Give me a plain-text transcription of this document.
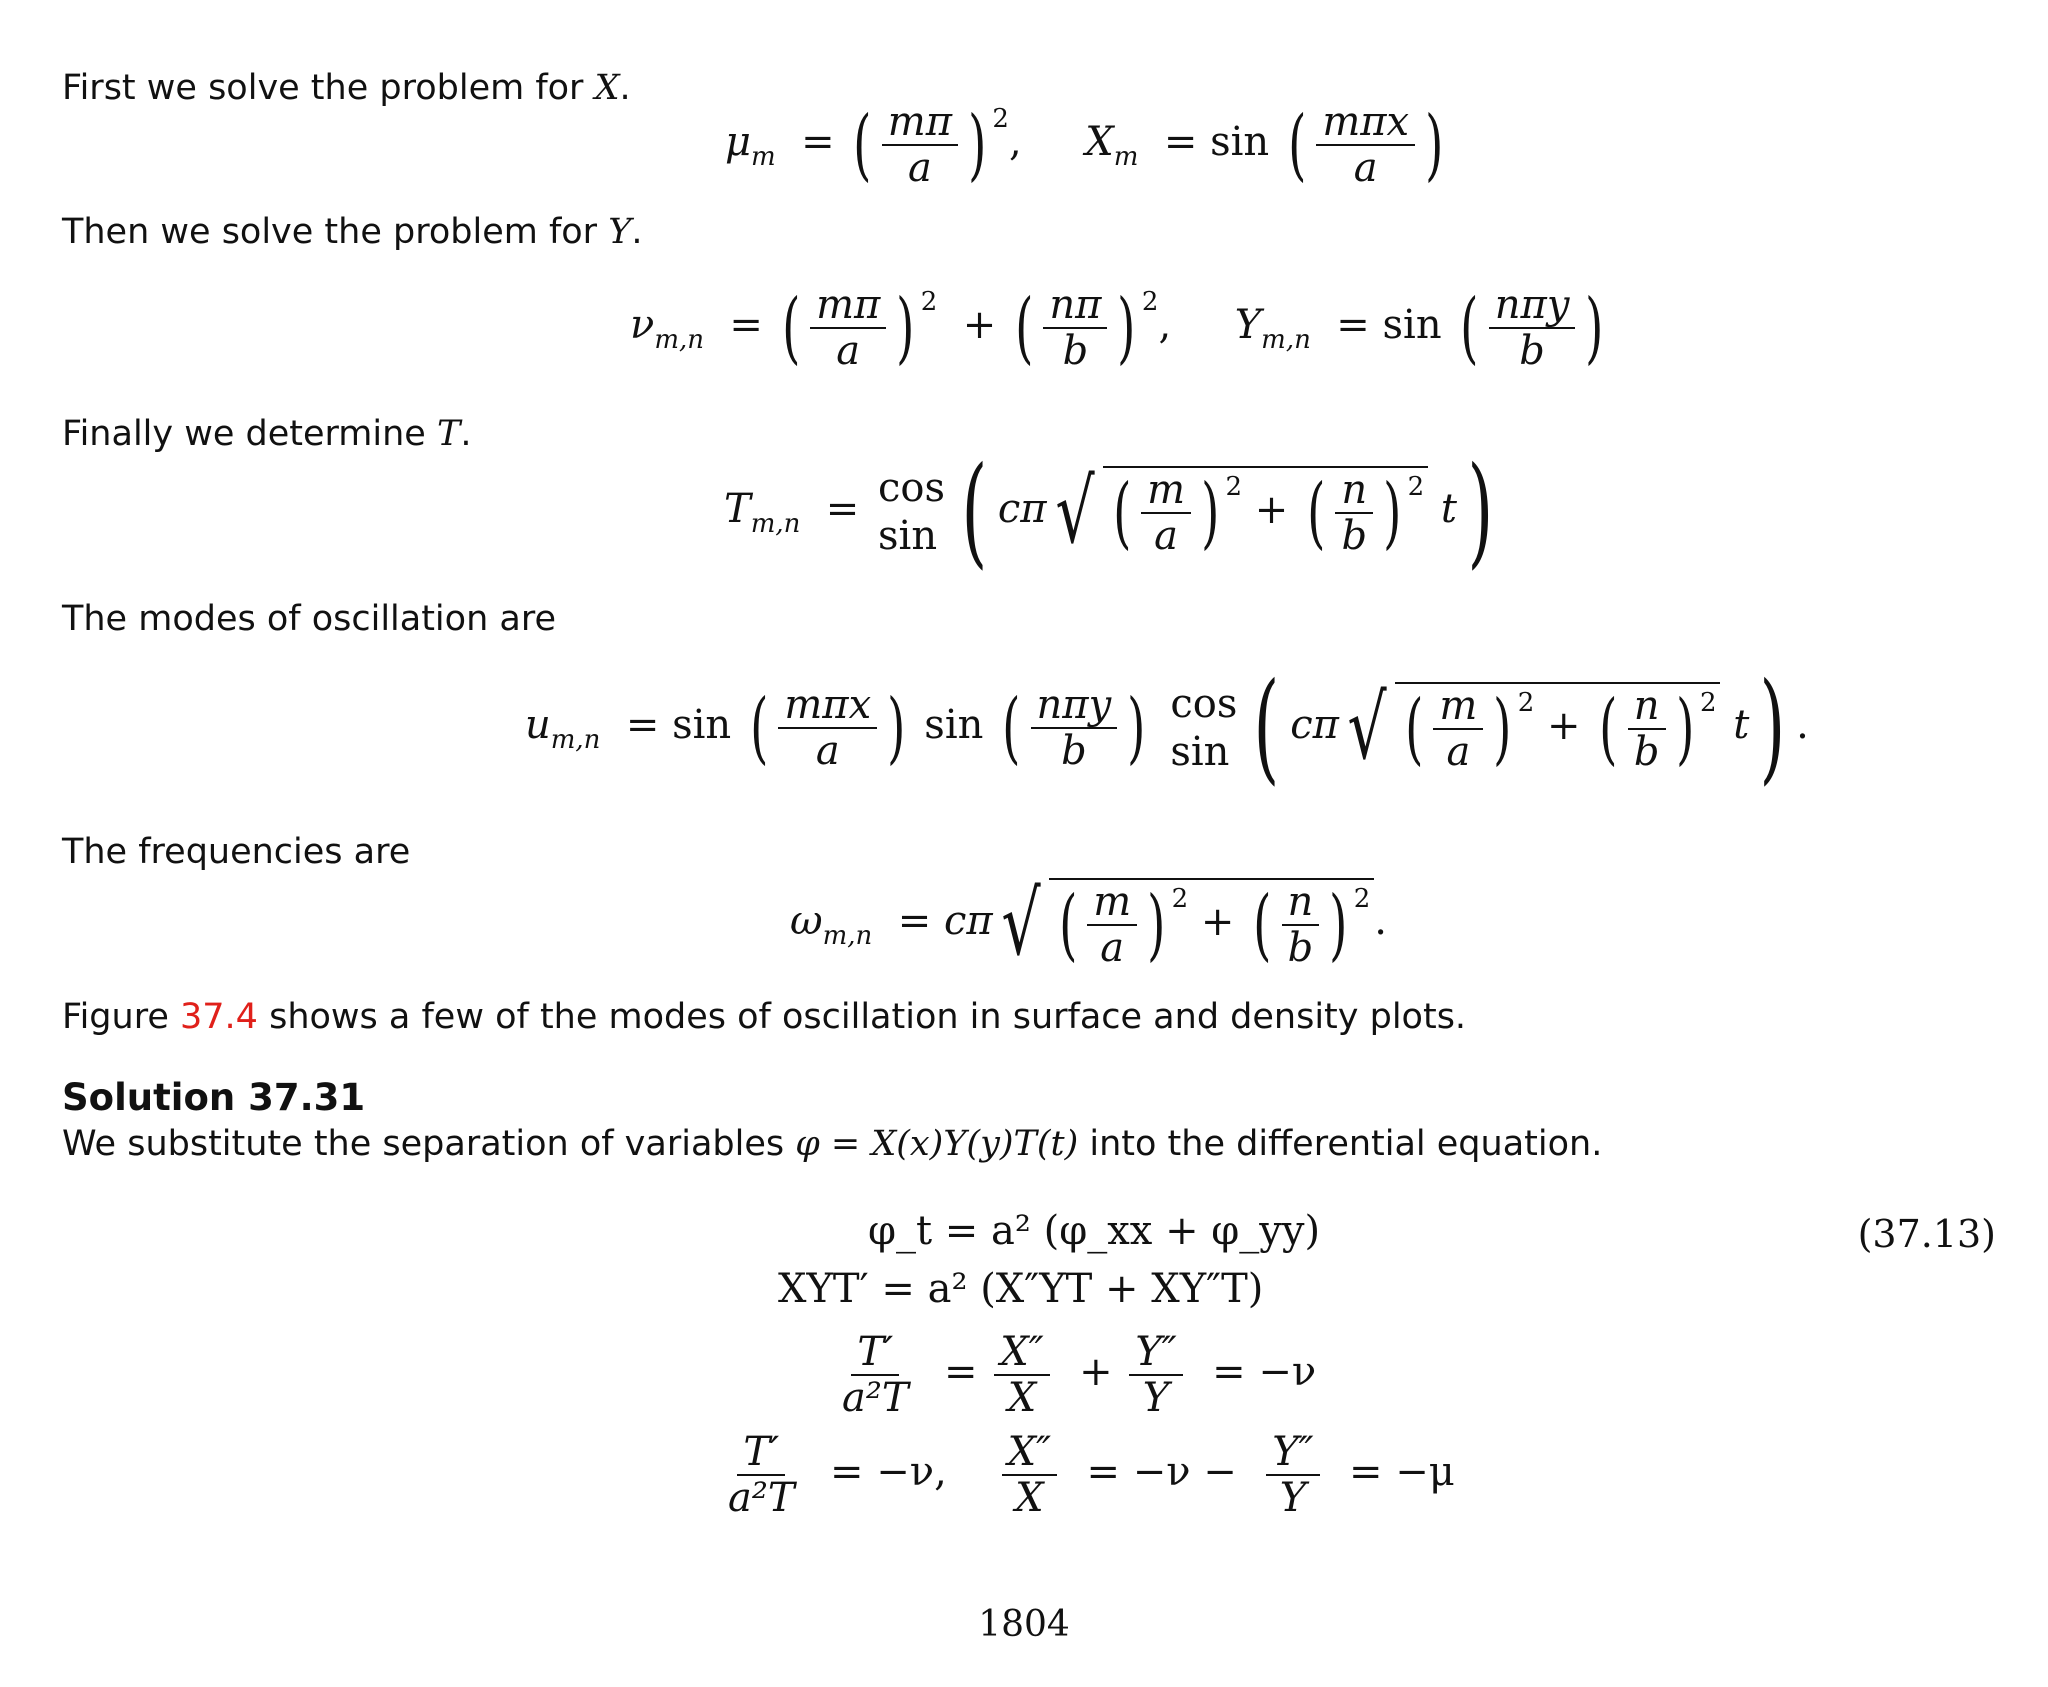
First we solve the problem for X.
$\mu_m$  = ( $\frac{m\pi}{a}$ ) $^2$,     $X_m = \sin$ ( $\frac{\text{mπx}}{a}$ )
Then we solve the problem for Y.
$\nu_{m,n}$  = ( $\frac{m\pi}{a}$ ) $^2$  + ( $\frac{n\pi}{b}$ ) $^2$,     $Y_{m,n} = \sin$ ( $\frac{\text{nπy}}{b}$ )
Finally we determine T.
$T_{m,n} = \cos$
sin ( cπ√ ( $\frac{m}{a}$ ) $^2$ + ( $\frac{n}{b}$ ) $^2$ t)
The modes of oscillation are
$u_{m,n} = \sin$ ( $\frac{\text{mπx}}{a}$ ) sin ( $\frac{\text{nπy}}{b}$ ) cos
sin ( cπ√ ( $\frac{m}{a}$ ) $^2$ + ( $\frac{n}{b}$ ) $^2$ t) .
The frequencies are
$\omega_{m,n} = c\pi√$ ( $\frac{m}{a}$ ) $^2$ + ( $\frac{n}{b}$ ) $^2$ .
Figure 37.4 shows a few of the modes of oscillation in surface and density plots.
Solution 37.31
We substitute the separation of variables φ = X(x)Y(y)T(t) into the differential equation.
φ_t = a² (φ_xx + φ_yy)	(37.13)
XYT′ = a² (X″YT + XY″T)
$\frac{T'}{\text{a²T}} = \frac{X''}{X} + \frac{Y''}{Y} = -\nu$
$\frac{T'}{\text{a²T}} = -\nu$, $\frac{X''}{X} = -\nu - \frac{Y''}{Y} = -\mu$
1804
